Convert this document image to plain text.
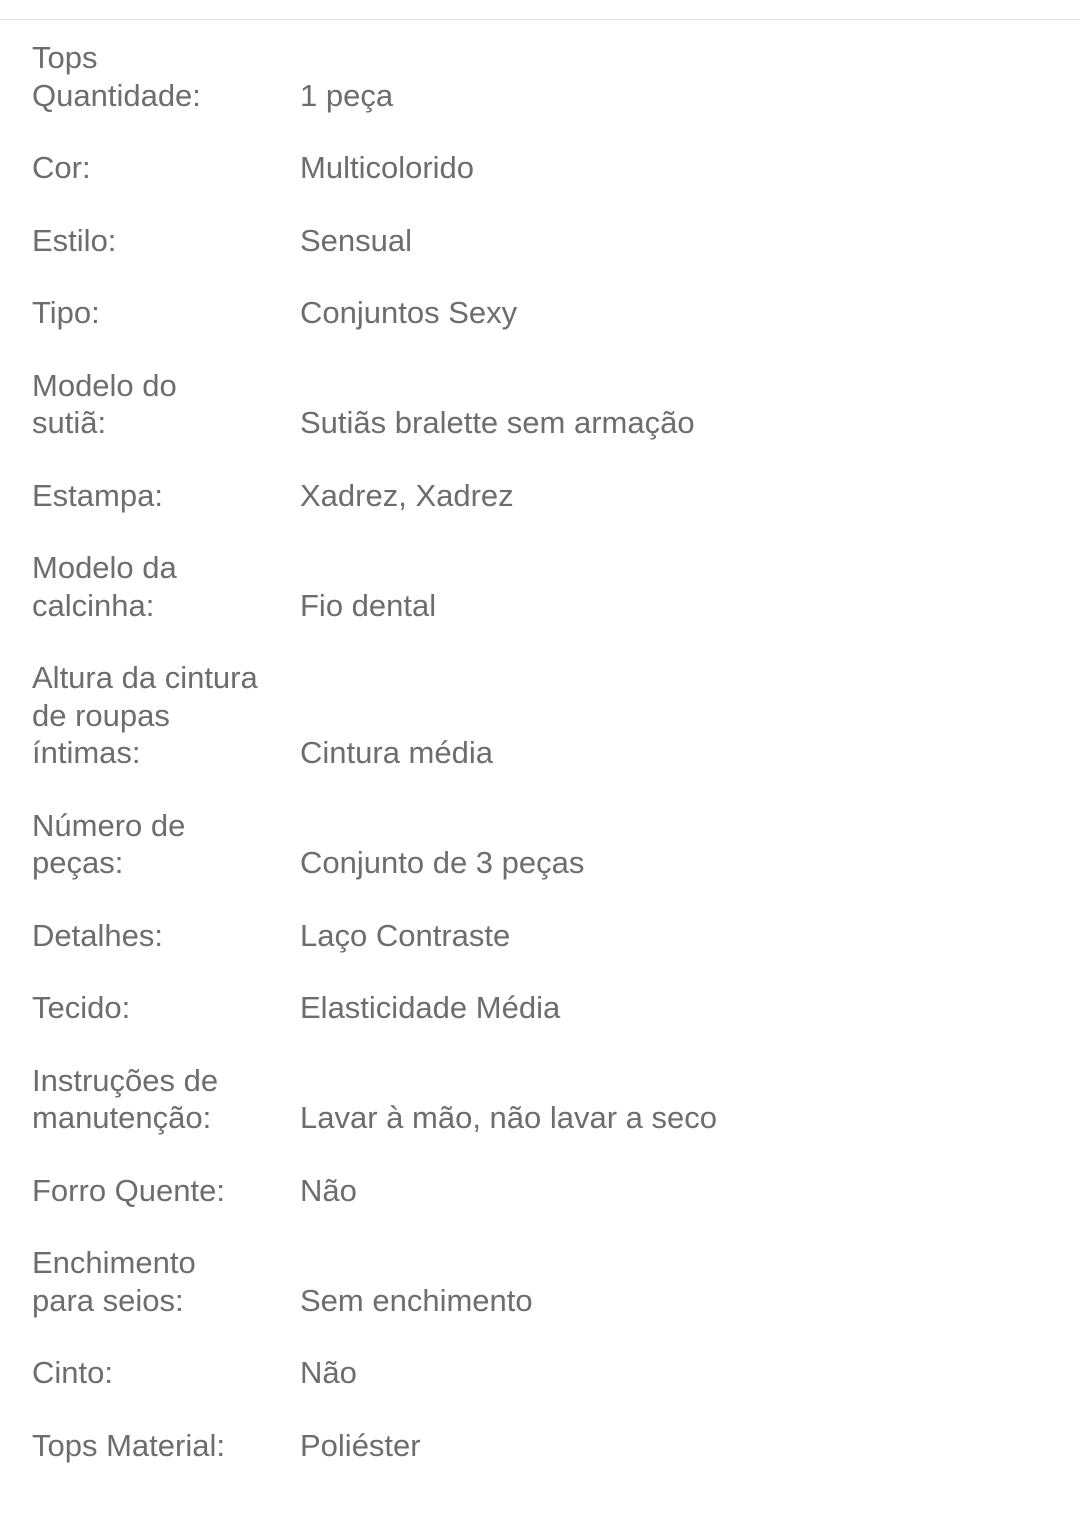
Tops
Quantidade:	1 peça
Cor:	Multicolorido
Estilo:	Sensual
Tipo:	Conjuntos Sexy
Modelo do
sutiã:	Sutiãs bralette sem armação
Estampa:	Xadrez, Xadrez
Modelo da
calcinha:	Fio dental
Altura da cintura
de roupas
íntimas:	Cintura média
Número de
peças:	Conjunto de 3 peças
Detalhes:	Laço Contraste
Tecido:	Elasticidade Média
Instruções de
manutenção:	Lavar à mão, não lavar a seco
Forro Quente:	Não
Enchimento
para seios:	Sem enchimento
Cinto:	Não
Tops Material:	Poliéster
